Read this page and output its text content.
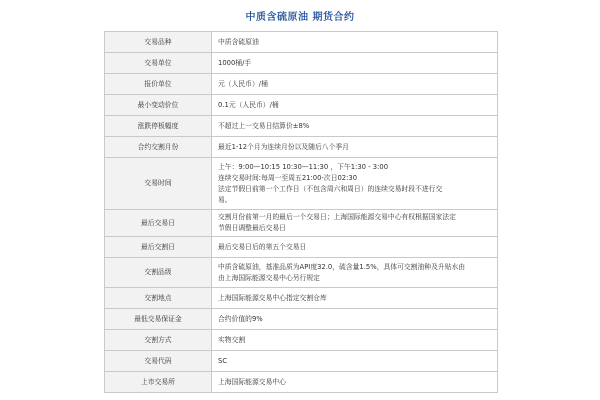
中质含硫原油 期货合约
交易品种	中质含硫原油
交易单位	1000桶/手
报价单位	元（人民币）/桶
最小变动价位	0.1元（人民币）/桶
涨跌停板幅度	不超过上一交易日结算价±8%
合约交割月份	最近1-12个月为连续月份以及随后八个季月
交易时间	上午：9:00—10:15 10:30—11:30 ，下午1:30 - 3:00
连续交易时间:每周一至周五21:00-次日02:30
法定节假日前第一个工作日（不包含周六和周日）的连续交易时段不进行交
易。

最后交易日	交割月份前第一月的最后一个交易日；上海国际能源交易中心有权根据国家法定
节假日调整最后交易日

最后交割日	最后交易日后的第五个交易日
交割品级	中质含硫原油，基准品质为API度32.0，硫含量1.5%，具体可交割油种及升贴水由
由上海国际能源交易中心另行规定

交割地点	上海国际能源交易中心指定交割仓库
最低交易保证金	合约价值的9%
交割方式	实物交割
交易代码	SC
上市交易所	上海国际能源交易中心
